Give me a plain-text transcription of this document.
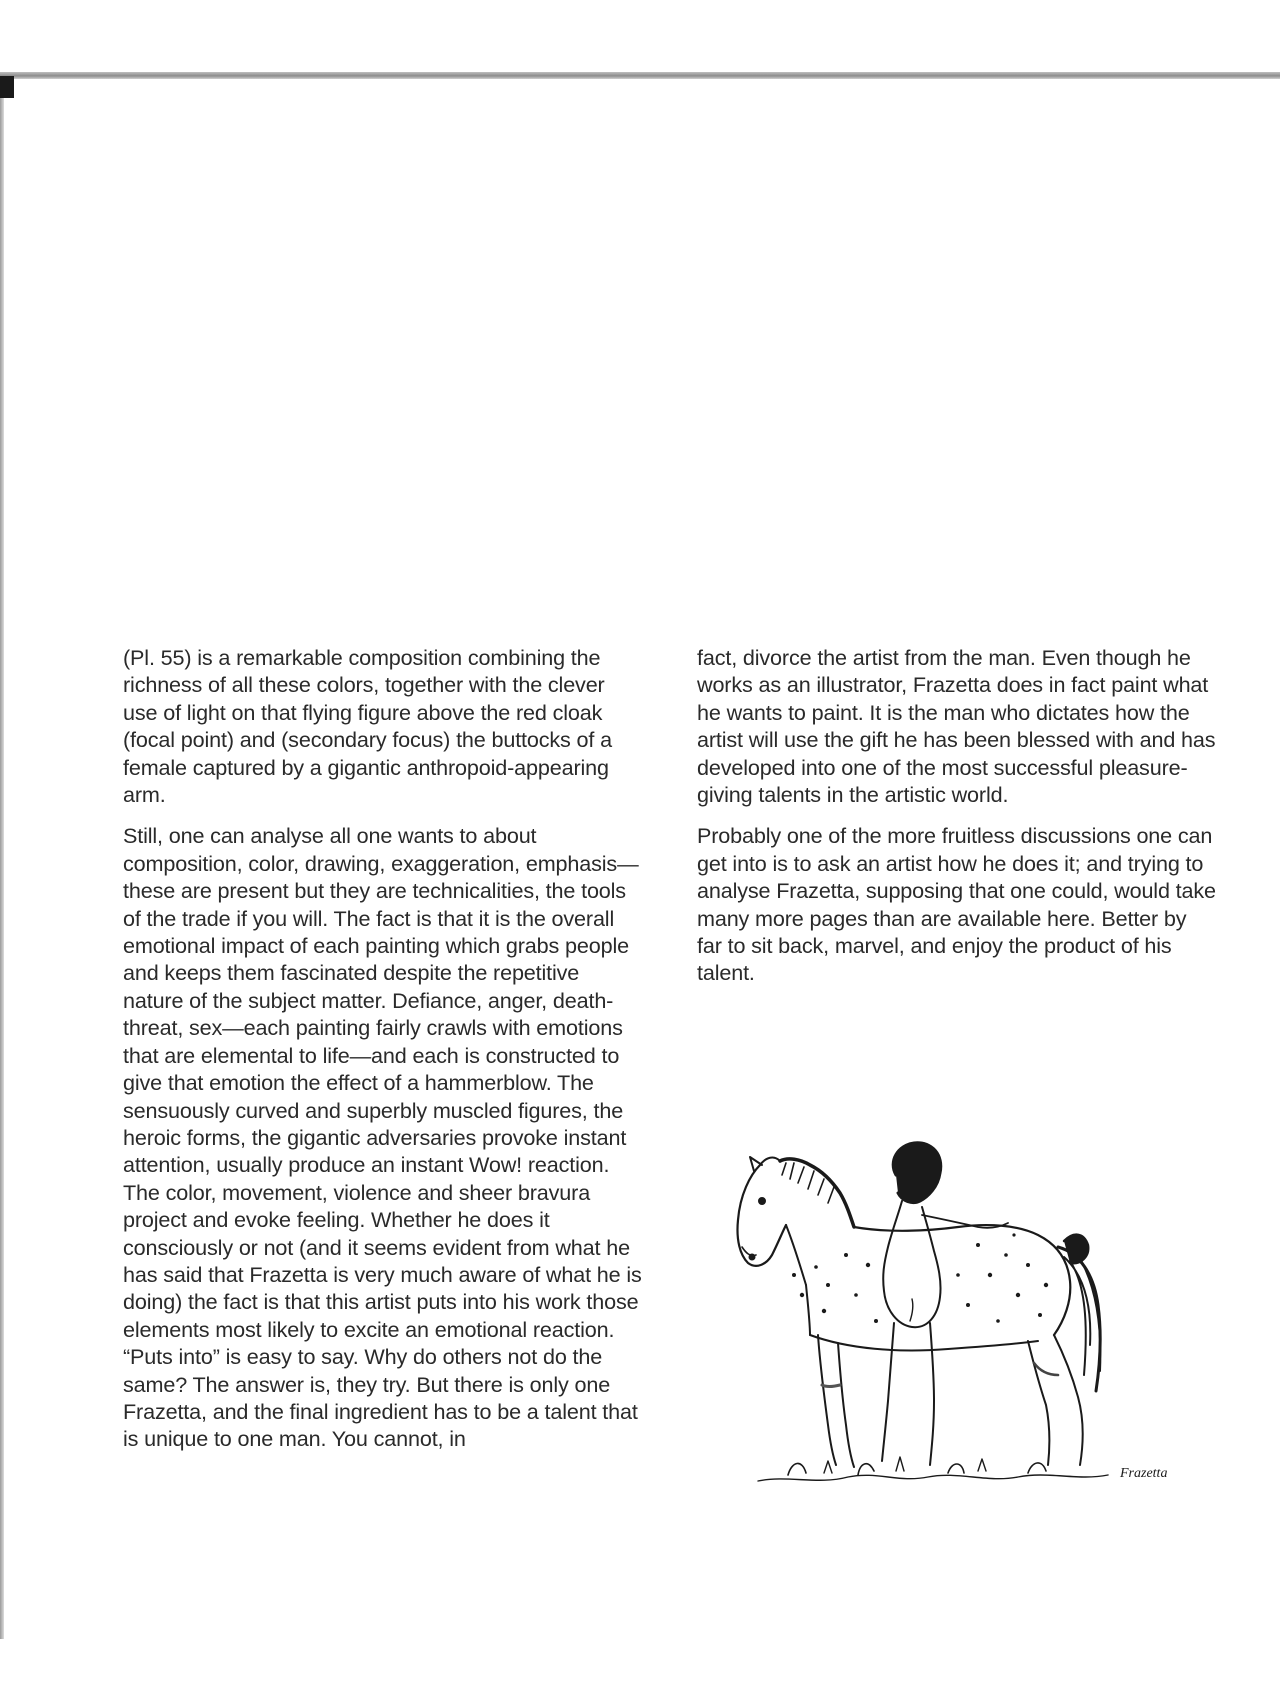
(Pl. 55) is a remarkable composition combining the richness of all these colors, together with the clever use of light on that flying figure above the red cloak (focal point) and (secondary focus) the buttocks of a female captured by a gigantic anthropoid-appearing arm.

Still, one can analyse all one wants to about composition, color, drawing, exaggeration, emphasis—these are present but they are technicalities, the tools of the trade if you will. The fact is that it is the overall emotional impact of each painting which grabs people and keeps them fascinated despite the repetitive nature of the subject matter. Defiance, anger, death-threat, sex—each painting fairly crawls with emotions that are elemental to life—and each is constructed to give that emotion the effect of a hammerblow. The sensuously curved and superbly muscled figures, the heroic forms, the gigantic adversaries provoke instant attention, usually produce an instant Wow! reaction. The color, movement, violence and sheer bravura project and evoke feeling. Whether he does it consciously or not (and it seems evident from what he has said that Frazetta is very much aware of what he is doing) the fact is that this artist puts into his work those elements most likely to excite an emotional reaction. “Puts into” is easy to say. Why do others not do the same? The answer is, they try. But there is only one Frazetta, and the final ingredient has to be a talent that is unique to one man. You cannot, in

fact, divorce the artist from the man. Even though he works as an illustrator, Frazetta does in fact paint what he wants to paint. It is the man who dictates how the artist will use the gift he has been blessed with and has developed into one of the most successful pleasure-giving talents in the artistic world.

Probably one of the more fruitless discussions one can get into is to ask an artist how he does it; and trying to analyse Frazetta, supposing that one could, would take many more pages than are available here. Better by far to sit back, marvel, and enjoy the product of his talent.

Frazetta
